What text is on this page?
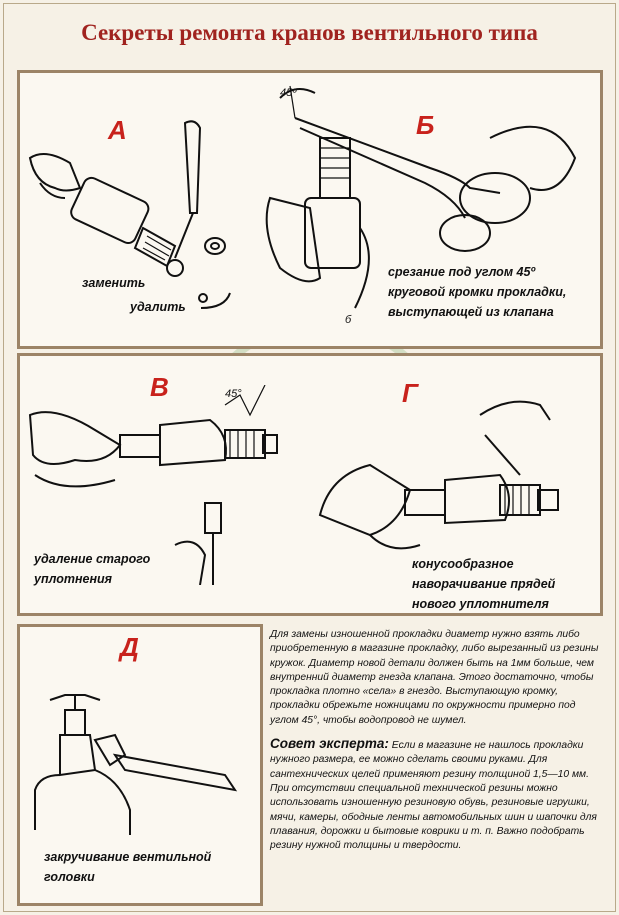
Секреты ремонта кранов вентильного типа
А	Б
заменить
удалить
45º
б
срезание под углом 45º
круговой кромки прокладки,
выступающей из клапана
В	Г
45°
удаление старого
уплотнения
конусообразное
наворачивание прядей
нового уплотнителя
Д
закручивание вентильной
головки

Для замены изношенной прокладки диаметр нужно взять либо приобретенную в магазине прокладку, либо вырезанный из резины кружок. Диаметр новой детали должен быть на 1мм больше, чем внутренний диаметр гнезда клапана. Этого достаточно, чтобы прокладка плотно «села» в гнездо. Выступающую кромку, прокладки обрежьте ножницами по окружности примерно под углом 45°, чтобы водопровод не шумел.

Совет эксперта: Если в магазине не нашлось прокладки нужного размера, ее можно сделать своими руками. Для сантехнических целей применяют резину толщиной 1,5—10 мм. При отсутствии специальной технической резины можно использовать изношенную резиновую обувь, резиновые игрушки, мячи, камеры, ободные ленты автомобильных шин и шапочки для плавания, дорожки и бытовые коврики и т. п. Важно подобрать резину нужной толщины и твердости.
